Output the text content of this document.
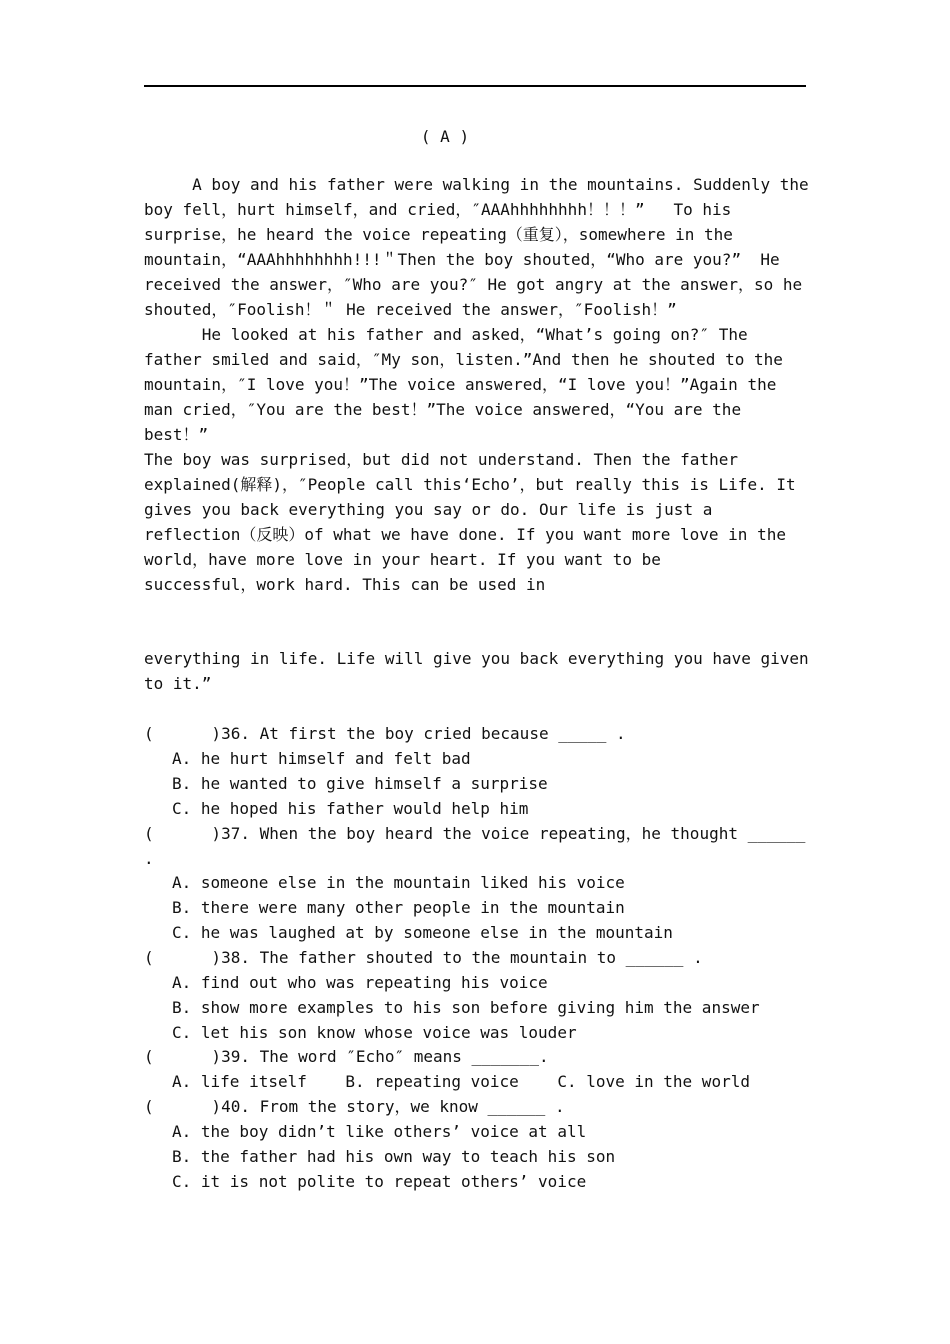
( A )
A boy and his father were walking in the mountains. Suddenly the
boy fell，hurt himself，and cried，″AAAhhhhhhhh！！！”   To his
surprise，he heard the voice repeating（重复），somewhere in the
mountain，“AAAhhhhhhhh!!!＂Then the boy shouted，“Who are you?”  He
received the answer，″Who are you?″ He got angry at the answer，so he
shouted，″Foolish！＂ He received the answer，″Foolish！”
He looked at his father and asked，“What’s going on?″ The
father smiled and said，″My son，listen.”And then he shouted to the
mountain，″I love you！”The voice answered，“I love you！”Again the
man cried，″You are the best！”The voice answered，“You are the
best！”
The boy was surprised，but did not understand. Then the father
explained(解释)，″People call this‘Echo’，but really this is Life. It
gives you back everything you say or do. Our life is just a
reflection（反映）of what we have done. If you want more love in the
world，have more love in your heart. If you want to be
successful，work hard. This can be used in
everything in life. Life will give you back everything you have given
to it.”
(      )36. At first the boy cried because _____ .
A. he hurt himself and felt bad
B. he wanted to give himself a surprise
C. he hoped his father would help him
(      )37. When the boy heard the voice repeating，he thought ______
.
A. someone else in the mountain liked his voice
B. there were many other people in the mountain
C. he was laughed at by someone else in the mountain
(      )38. The father shouted to the mountain to ______ .
A. find out who was repeating his voice
B. show more examples to his son before giving him the answer
C. let his son know whose voice was louder
(      )39. The word ″Echo″ means _______.
A. life itself    B. repeating voice    C. love in the world
(      )40. From the story，we know ______ .
A. the boy didn’t like others’ voice at all
B. the father had his own way to teach his son
C. it is not polite to repeat others’ voice
